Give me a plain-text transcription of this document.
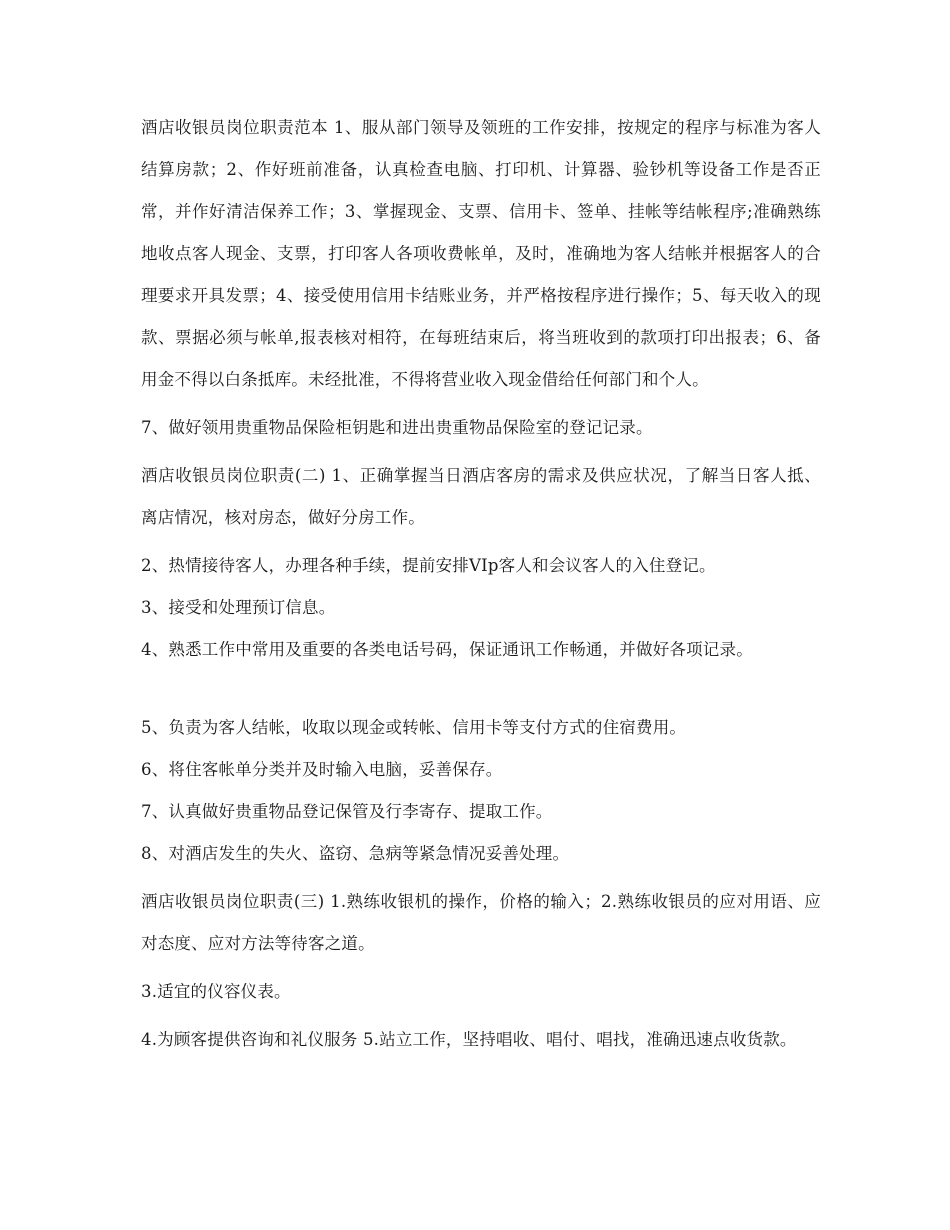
酒店收银员岗位职责范本 1、服从部门领导及领班的工作安排，按规定的程序与标准为客人结算房款；2、作好班前准备，认真检查电脑、打印机、计算器、验钞机等设备工作是否正常，并作好清洁保养工作；3、掌握现金、支票、信用卡、签单、挂帐等结帐程序;准确熟练地收点客人现金、支票，打印客人各项收费帐单，及时，准确地为客人结帐并根据客人的合理要求开具发票；4、接受使用信用卡结账业务，并严格按程序进行操作；5、每天收入的现款、票据必须与帐单,报表核对相符，在每班结束后，将当班收到的款项打印出报表；6、备用金不得以白条抵库。未经批准，不得将营业收入现金借给任何部门和个人。

7、做好领用贵重物品保险柜钥匙和进出贵重物品保险室的登记记录。

酒店收银员岗位职责(二) 1、正确掌握当日酒店客房的需求及供应状况，了解当日客人抵、离店情况，核对房态，做好分房工作。

2、热情接待客人，办理各种手续，提前安排VIp客人和会议客人的入住登记。

3、接受和处理预订信息。

4、熟悉工作中常用及重要的各类电话号码，保证通讯工作畅通，并做好各项记录。

5、负责为客人结帐，收取以现金或转帐、信用卡等支付方式的住宿费用。

6、将住客帐单分类并及时输入电脑，妥善保存。

7、认真做好贵重物品登记保管及行李寄存、提取工作。

8、对酒店发生的失火、盗窃、急病等紧急情况妥善处理。

酒店收银员岗位职责(三) 1.熟练收银机的操作，价格的输入；2.熟练收银员的应对用语、应对态度、应对方法等待客之道。

3.适宜的仪容仪表。

4.为顾客提供咨询和礼仪服务 5.站立工作，坚持唱收、唱付、唱找，准确迅速点收货款。
